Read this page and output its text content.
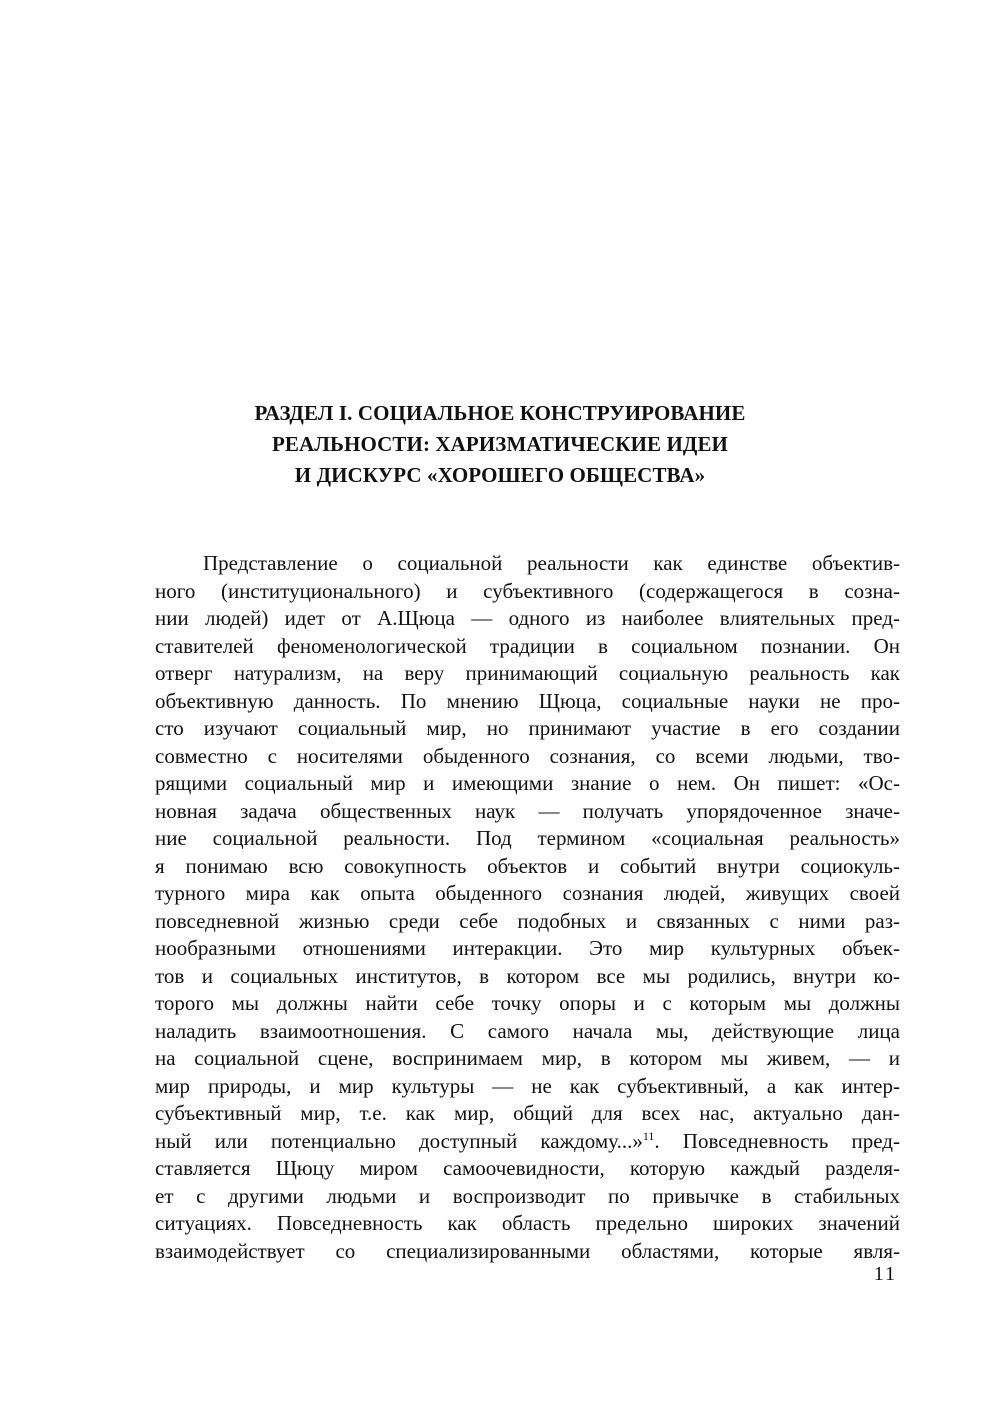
РАЗДЕЛ I. СОЦИАЛЬНОЕ КОНСТРУИРОВАНИЕ
РЕАЛЬНОСТИ: ХАРИЗМАТИЧЕСКИЕ ИДЕИ
И ДИСКУРС «ХОРОШЕГО ОБЩЕСТВА»
Представление о социальной реальности как единстве объектив-
ного (институционального) и субъективного (содержащегося в созна-
нии людей) идет от А.Щюца — одного из наиболее влиятельных пред-
ставителей феноменологической традиции в социальном познании. Он
отверг натурализм, на веру принимающий социальную реальность как
объективную данность. По мнению Щюца, социальные науки не про-
сто изучают социальный мир, но принимают участие в его создании
совместно с носителями обыденного сознания, со всеми людьми, тво-
рящими социальный мир и имеющими знание о нем. Он пишет: «Ос-
новная задача общественных наук — получать упорядоченное значе-
ние социальной реальности. Под термином «социальная реальность»
я понимаю всю совокупность объектов и событий внутри социокуль-
турного мира как опыта обыденного сознания людей, живущих своей
повседневной жизнью среди себе подобных и связанных с ними раз-
нообразными отношениями интеракции. Это мир культурных объек-
тов и социальных институтов, в котором все мы родились, внутри ко-
торого мы должны найти себе точку опоры и с которым мы должны
наладить взаимоотношения. С самого начала мы, действующие лица
на социальной сцене, воспринимаем мир, в котором мы живем, — и
мир природы, и мир культуры — не как субъективный, а как интер-
субъективный мир, т.е. как мир, общий для всех нас, актуально дан-
ный или потенциально доступный каждому...»$^{11}$. Повседневность пред-
ставляется Щюцу миром самоочевидности, которую каждый разделя-
ет с другими людьми и воспроизводит по привычке в стабильных
ситуациях. Повседневность как область предельно широких значений
взаимодействует со специализированными областями, которые явля-
11
